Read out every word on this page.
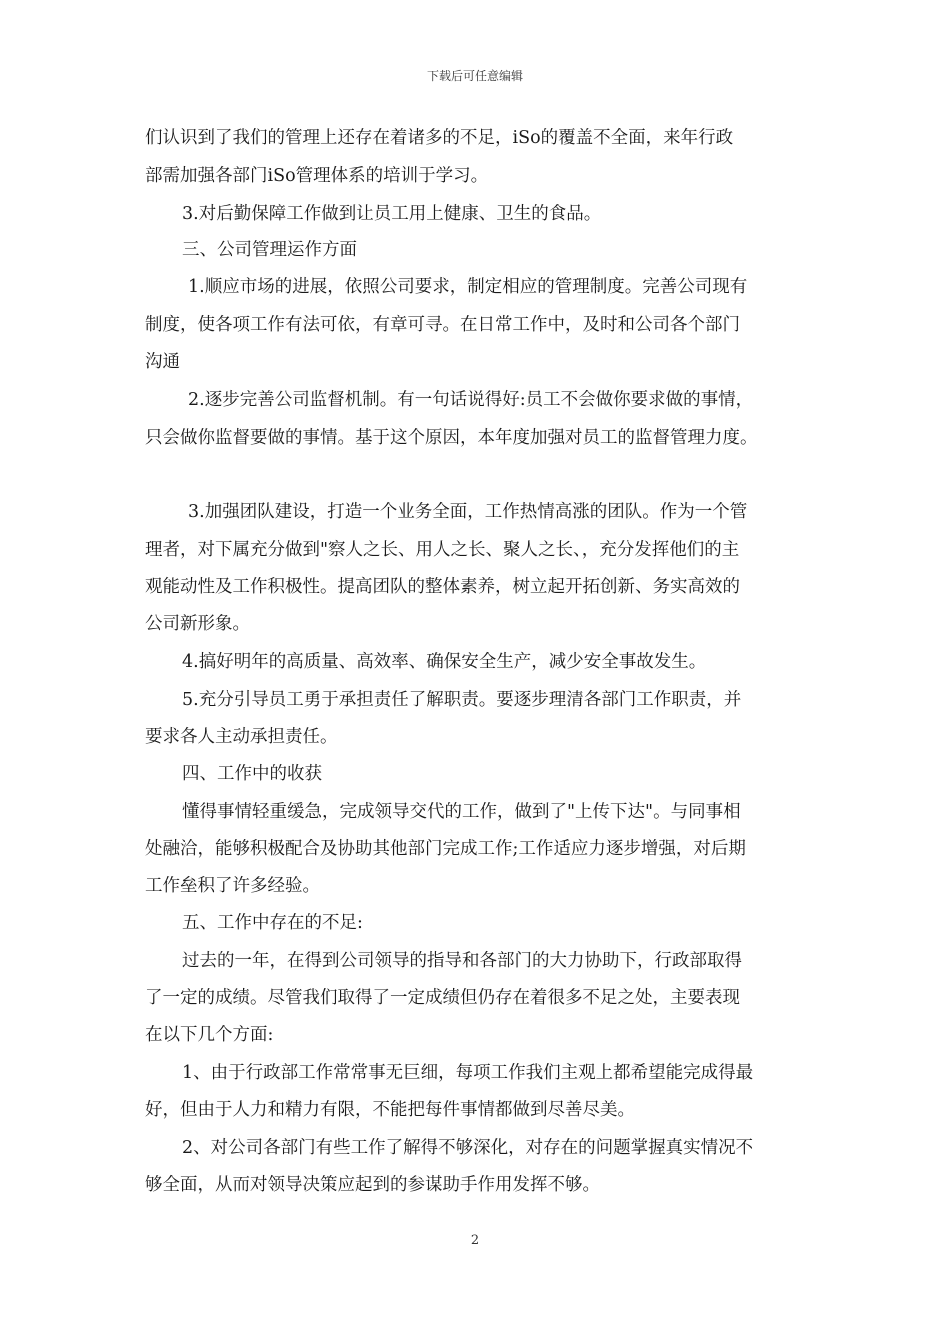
下载后可任意编辑
们认识到了我们的管理上还存在着诸多的不足，iSo的覆盖不全面，来年行政
部需加强各部门iSo管理体系的培训于学习。
3.对后勤保障工作做到让员工用上健康、卫生的食品。
三、公司管理运作方面
1.顺应市场的进展，依照公司要求，制定相应的管理制度。完善公司现有
制度，使各项工作有法可依，有章可寻。在日常工作中，及时和公司各个部门
沟通
2.逐步完善公司监督机制。有一句话说得好:员工不会做你要求做的事情，
只会做你监督要做的事情。基于这个原因，本年度加强对员工的监督管理力度。
3.加强团队建设，打造一个业务全面，工作热情高涨的团队。作为一个管
理者，对下属充分做到"察人之长、用人之长、聚人之长、，充分发挥他们的主
观能动性及工作积极性。提高团队的整体素养，树立起开拓创新、务实高效的
公司新形象。
4.搞好明年的高质量、高效率、确保安全生产，减少安全事故发生。
5.充分引导员工勇于承担责任了解职责。要逐步理清各部门工作职责，并
要求各人主动承担责任。
四、工作中的收获
懂得事情轻重缓急，完成领导交代的工作，做到了"上传下达"。与同事相
处融洽，能够积极配合及协助其他部门完成工作;工作适应力逐步增强，对后期
工作垒积了许多经验。
五、工作中存在的不足:
过去的一年，在得到公司领导的指导和各部门的大力协助下，行政部取得
了一定的成绩。尽管我们取得了一定成绩但仍存在着很多不足之处，主要表现
在以下几个方面:
1、由于行政部工作常常事无巨细，每项工作我们主观上都希望能完成得最
好，但由于人力和精力有限，不能把每件事情都做到尽善尽美。
2、对公司各部门有些工作了解得不够深化，对存在的问题掌握真实情况不
够全面，从而对领导决策应起到的参谋助手作用发挥不够。
2
